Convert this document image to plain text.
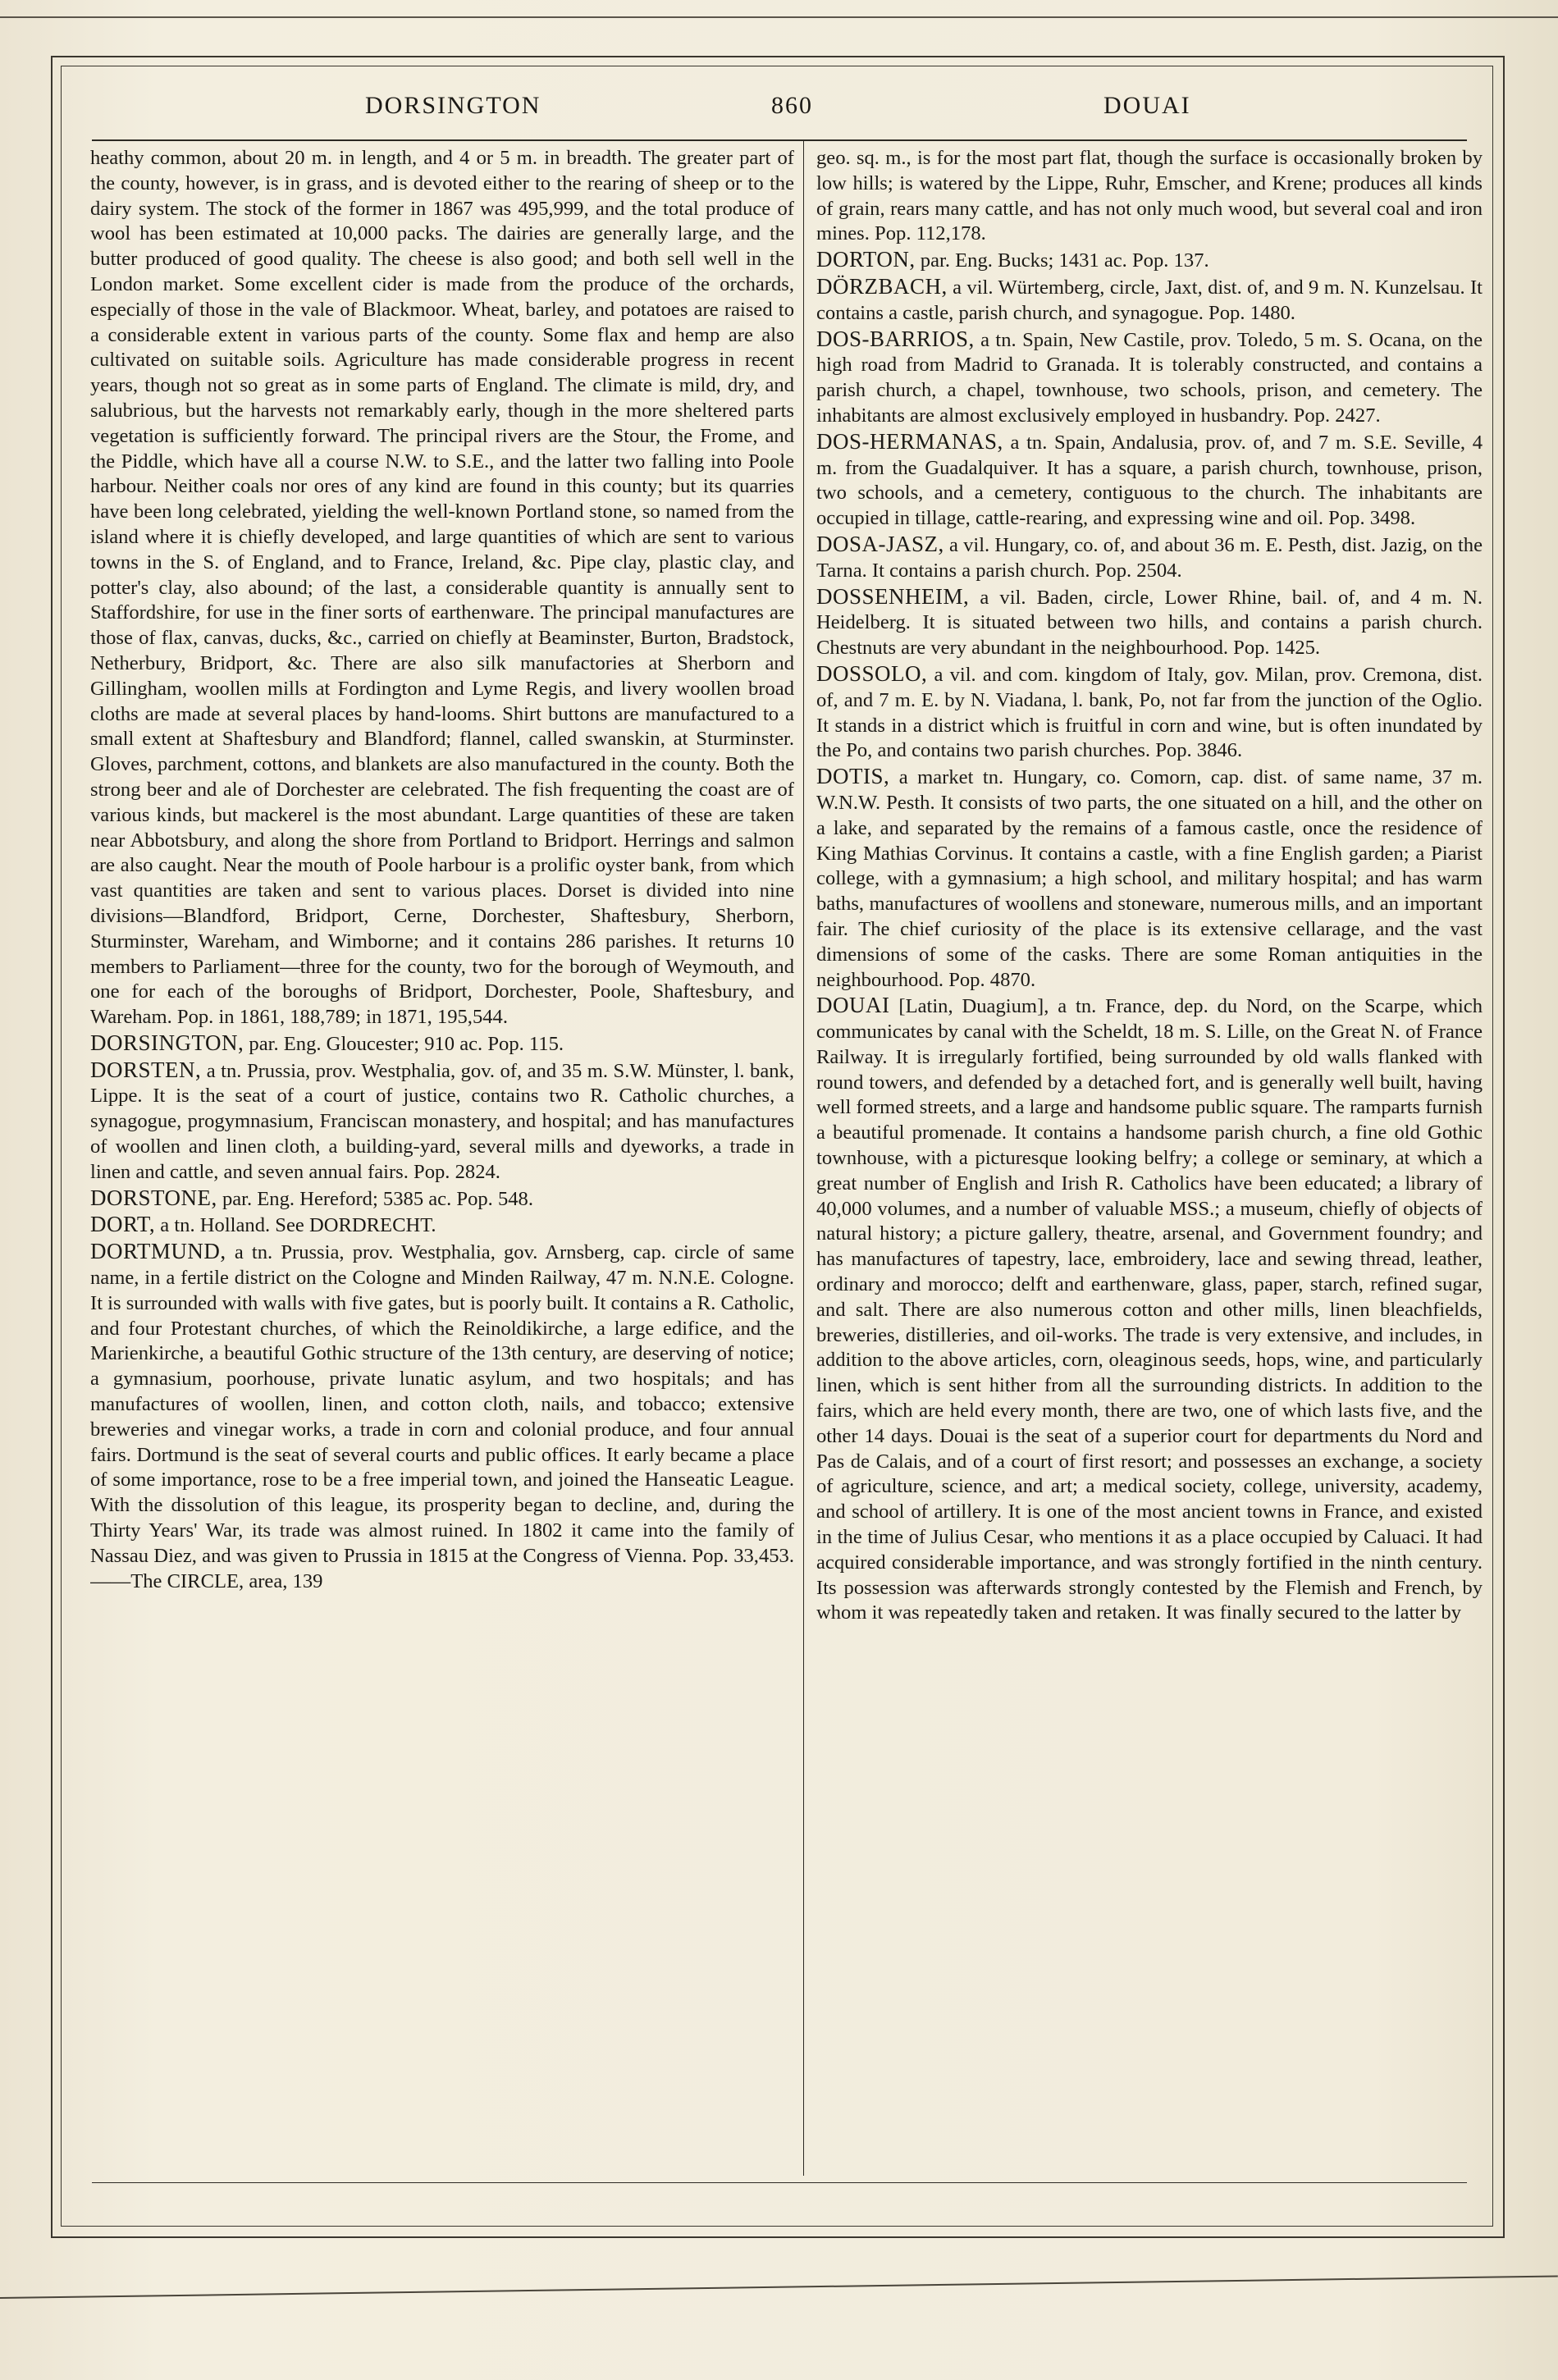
DORSINGTON	860	DOUAI

heathy common, about 20 m. in length, and 4 or 5 m. in breadth. The greater part of the county, however, is in grass, and is devoted either to the rearing of sheep or to the dairy system. The stock of the former in 1867 was 495,999, and the total produce of wool has been estimated at 10,000 packs. The dairies are generally large, and the butter produced of good quality. The cheese is also good; and both sell well in the London market. Some excellent cider is made from the produce of the orchards, especially of those in the vale of Blackmoor. Wheat, barley, and potatoes are raised to a considerable extent in various parts of the county. Some flax and hemp are also cultivated on suitable soils. Agriculture has made considerable progress in recent years, though not so great as in some parts of England. The climate is mild, dry, and salubrious, but the harvests not remarkably early, though in the more sheltered parts vegetation is sufficiently forward. The principal rivers are the Stour, the Frome, and the Piddle, which have all a course N.W. to S.E., and the latter two falling into Poole harbour. Neither coals nor ores of any kind are found in this county; but its quarries have been long celebrated, yielding the well-known Portland stone, so named from the island where it is chiefly developed, and large quantities of which are sent to various towns in the S. of England, and to France, Ireland, &c. Pipe clay, plastic clay, and potter's clay, also abound; of the last, a considerable quantity is annually sent to Staffordshire, for use in the finer sorts of earthenware. The principal manufactures are those of flax, canvas, ducks, &c., carried on chiefly at Beaminster, Burton, Bradstock, Netherbury, Bridport, &c. There are also silk manufactories at Sherborn and Gillingham, woollen mills at Fordington and Lyme Regis, and livery woollen broad cloths are made at several places by hand-looms. Shirt buttons are manufactured to a small extent at Shaftesbury and Blandford; flannel, called swanskin, at Sturminster. Gloves, parchment, cottons, and blankets are also manufactured in the county. Both the strong beer and ale of Dorchester are celebrated. The fish frequenting the coast are of various kinds, but mackerel is the most abundant. Large quantities of these are taken near Abbotsbury, and along the shore from Portland to Bridport. Herrings and salmon are also caught. Near the mouth of Poole harbour is a prolific oyster bank, from which vast quantities are taken and sent to various places. Dorset is divided into nine divisions—Blandford, Bridport, Cerne, Dorchester, Shaftesbury, Sherborn, Sturminster, Wareham, and Wimborne; and it contains 286 parishes. It returns 10 members to Parliament—three for the county, two for the borough of Weymouth, and one for each of the boroughs of Bridport, Dorchester, Poole, Shaftesbury, and Wareham. Pop. in 1861, 188,789; in 1871, 195,544.

DORSINGTON, par. Eng. Gloucester; 910 ac. Pop. 115.

DORSTEN, a tn. Prussia, prov. Westphalia, gov. of, and 35 m. S.W. Münster, l. bank, Lippe. It is the seat of a court of justice, contains two R. Catholic churches, a synagogue, progymnasium, Franciscan monastery, and hospital; and has manufactures of woollen and linen cloth, a building-yard, several mills and dyeworks, a trade in linen and cattle, and seven annual fairs. Pop. 2824.

DORSTONE, par. Eng. Hereford; 5385 ac. Pop. 548.

DORT, a tn. Holland. See DORDRECHT.

DORTMUND, a tn. Prussia, prov. Westphalia, gov. Arnsberg, cap. circle of same name, in a fertile district on the Cologne and Minden Railway, 47 m. N.N.E. Cologne. It is surrounded with walls with five gates, but is poorly built. It contains a R. Catholic, and four Protestant churches, of which the Reinoldikirche, a large edifice, and the Marienkirche, a beautiful Gothic structure of the 13th century, are deserving of notice; a gymnasium, poorhouse, private lunatic asylum, and two hospitals; and has manufactures of woollen, linen, and cotton cloth, nails, and tobacco; extensive breweries and vinegar works, a trade in corn and colonial produce, and four annual fairs. Dortmund is the seat of several courts and public offices. It early became a place of some importance, rose to be a free imperial town, and joined the Hanseatic League. With the dissolution of this league, its prosperity began to decline, and, during the Thirty Years' War, its trade was almost ruined. In 1802 it came into the family of Nassau Diez, and was given to Prussia in 1815 at the Congress of Vienna. Pop. 33,453.——The CIRCLE, area, 139

geo. sq. m., is for the most part flat, though the surface is occasionally broken by low hills; is watered by the Lippe, Ruhr, Emscher, and Krene; produces all kinds of grain, rears many cattle, and has not only much wood, but several coal and iron mines. Pop. 112,178.

DORTON, par. Eng. Bucks; 1431 ac. Pop. 137.

DÖRZBACH, a vil. Würtemberg, circle, Jaxt, dist. of, and 9 m. N. Kunzelsau. It contains a castle, parish church, and synagogue. Pop. 1480.

DOS-BARRIOS, a tn. Spain, New Castile, prov. Toledo, 5 m. S. Ocana, on the high road from Madrid to Granada. It is tolerably constructed, and contains a parish church, a chapel, townhouse, two schools, prison, and cemetery. The inhabitants are almost exclusively employed in husbandry. Pop. 2427.

DOS-HERMANAS, a tn. Spain, Andalusia, prov. of, and 7 m. S.E. Seville, 4 m. from the Guadalquiver. It has a square, a parish church, townhouse, prison, two schools, and a cemetery, contiguous to the church. The inhabitants are occupied in tillage, cattle-rearing, and expressing wine and oil. Pop. 3498.

DOSA-JASZ, a vil. Hungary, co. of, and about 36 m. E. Pesth, dist. Jazig, on the Tarna. It contains a parish church. Pop. 2504.

DOSSENHEIM, a vil. Baden, circle, Lower Rhine, bail. of, and 4 m. N. Heidelberg. It is situated between two hills, and contains a parish church. Chestnuts are very abundant in the neighbourhood. Pop. 1425.

DOSSOLO, a vil. and com. kingdom of Italy, gov. Milan, prov. Cremona, dist. of, and 7 m. E. by N. Viadana, l. bank, Po, not far from the junction of the Oglio. It stands in a district which is fruitful in corn and wine, but is often inundated by the Po, and contains two parish churches. Pop. 3846.

DOTIS, a market tn. Hungary, co. Comorn, cap. dist. of same name, 37 m. W.N.W. Pesth. It consists of two parts, the one situated on a hill, and the other on a lake, and separated by the remains of a famous castle, once the residence of King Mathias Corvinus. It contains a castle, with a fine English garden; a Piarist college, with a gymnasium; a high school, and military hospital; and has warm baths, manufactures of woollens and stoneware, numerous mills, and an important fair. The chief curiosity of the place is its extensive cellarage, and the vast dimensions of some of the casks. There are some Roman antiquities in the neighbourhood. Pop. 4870.

DOUAI [Latin, Duagium], a tn. France, dep. du Nord, on the Scarpe, which communicates by canal with the Scheldt, 18 m. S. Lille, on the Great N. of France Railway. It is irregularly fortified, being surrounded by old walls flanked with round towers, and defended by a detached fort, and is generally well built, having well formed streets, and a large and handsome public square. The ramparts furnish a beautiful promenade. It contains a handsome parish church, a fine old Gothic townhouse, with a picturesque looking belfry; a college or seminary, at which a great number of English and Irish R. Catholics have been educated; a library of 40,000 volumes, and a number of valuable MSS.; a museum, chiefly of objects of natural history; a picture gallery, theatre, arsenal, and Government foundry; and has manufactures of tapestry, lace, embroidery, lace and sewing thread, leather, ordinary and morocco; delft and earthenware, glass, paper, starch, refined sugar, and salt. There are also numerous cotton and other mills, linen bleachfields, breweries, distilleries, and oil-works. The trade is very extensive, and includes, in addition to the above articles, corn, oleaginous seeds, hops, wine, and particularly linen, which is sent hither from all the surrounding districts. In addition to the fairs, which are held every month, there are two, one of which lasts five, and the other 14 days. Douai is the seat of a superior court for departments du Nord and Pas de Calais, and of a court of first resort; and possesses an exchange, a society of agriculture, science, and art; a medical society, college, university, academy, and school of artillery. It is one of the most ancient towns in France, and existed in the time of Julius Cesar, who mentions it as a place occupied by Caluaci. It had acquired considerable importance, and was strongly fortified in the ninth century. Its possession was afterwards strongly contested by the Flemish and French, by whom it was repeatedly taken and retaken. It was finally secured to the latter by
